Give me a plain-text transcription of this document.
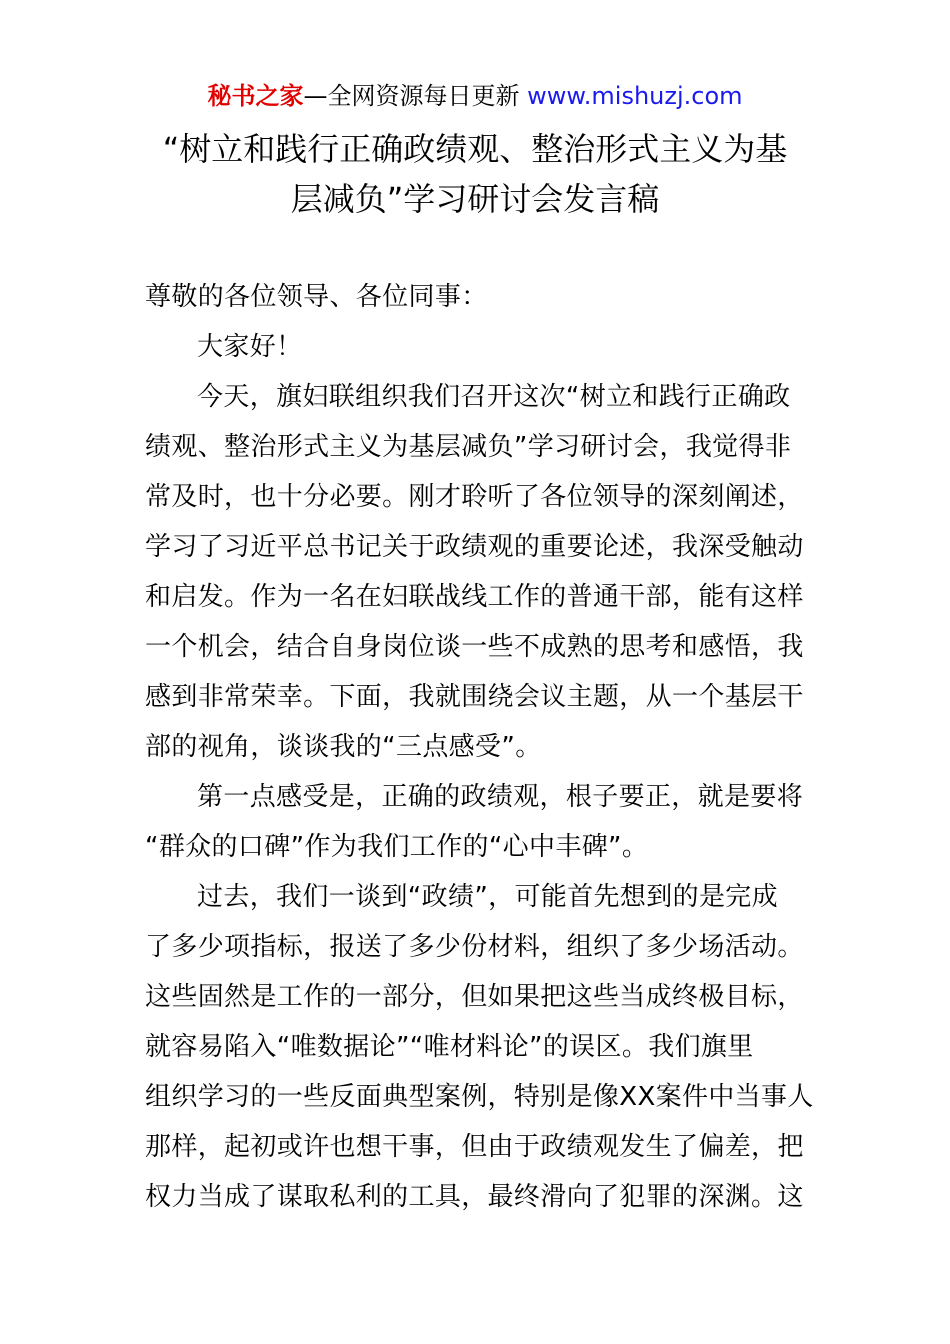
秘书之家—全网资源每日更新 www.mishuzj.com
“树立和践行正确政绩观、整治形式主义为基
层减负”学习研讨会发言稿
尊敬的各位领导、各位同事：
大家好！
今天，旗妇联组织我们召开这次“树立和践行正确政
绩观、整治形式主义为基层减负”学习研讨会，我觉得非
常及时，也十分必要。刚才聆听了各位领导的深刻阐述，
学习了习近平总书记关于政绩观的重要论述，我深受触动
和启发。作为一名在妇联战线工作的普通干部，能有这样
一个机会，结合自身岗位谈一些不成熟的思考和感悟，我
感到非常荣幸。下面，我就围绕会议主题，从一个基层干
部的视角，谈谈我的“三点感受”。
第一点感受是，正确的政绩观，根子要正，就是要将
“群众的口碑”作为我们工作的“心中丰碑”。
过去，我们一谈到“政绩”，可能首先想到的是完成
了多少项指标，报送了多少份材料，组织了多少场活动。
这些固然是工作的一部分，但如果把这些当成终极目标，
就容易陷入“唯数据论”“唯材料论”的误区。我们旗里
组织学习的一些反面典型案例，特别是像XX案件中当事人
那样，起初或许也想干事，但由于政绩观发生了偏差，把
权力当成了谋取私利的工具，最终滑向了犯罪的深渊。这
